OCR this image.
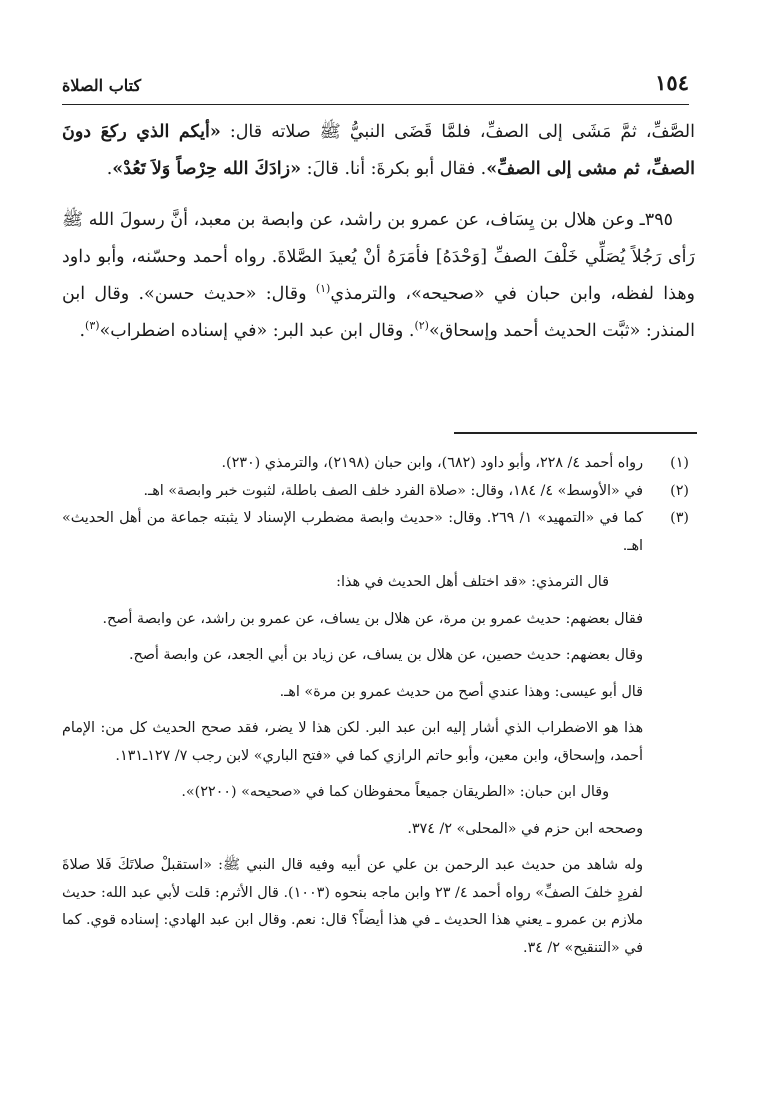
١٥٤
كتاب الصلاة

الصَّفِّ، ثمَّ مَشَى إلى الصفِّ، فلمَّا قَضَى النبيُّ ﷺ صلاته قال: «أيكم الذي ركعَ دونَ الصفِّ، ثم مشى إلى الصفِّ». فقال أبو بكرةَ: أنا. قالَ: «زادَكَ الله حِرْصاً وَلاَ تَعُدْ».

٣٩٥ـ وعن هلال بن يِسَاف، عن عمرو بن راشد، عن وابصة بن معبد، أنَّ رسولَ الله ﷺ رَأى رَجُلاً يُصَلِّي خَلْفَ الصفِّ [وَحْدَهُ] فأمَرَهُ أنْ يُعيدَ الصَّلاةَ. رواه أحمد وحسّنه، وأبو داود وهذا لفظه، وابن حبان في «صحيحه»، والترمذي$^{(١)}$ وقال: «حديث حسن». وقال ابن المنذر: «ثبَّت الحديث أحمد وإسحاق»$^{(٢)}$. وقال ابن عبد البر: «في إسناده اضطراب»$^{(٣)}$.

(١)
رواه أحمد ٤/ ٢٢٨، وأبو داود (٦٨٢)، وابن حبان (٢١٩٨)، والترمذي (٢٣٠).
(٢)
في «الأوسط» ٤/ ١٨٤، وقال: «صلاة الفرد خلف الصف باطلة، لثبوت خبر وابصة» اهـ.
(٣)
كما في «التمهيد» ١/ ٢٦٩. وقال: «حديث وابصة مضطرب الإسناد لا يثبته جماعة من أهل الحديث» اهـ.

قال الترمذي: «قد اختلف أهل الحديث في هذا:

فقال بعضهم: حديث عمرو بن مرة، عن هلال بن يساف، عن عمرو بن راشد، عن وابصة أصح.

وقال بعضهم: حديث حصين، عن هلال بن يساف، عن زياد بن أبي الجعد، عن وابصة أصح.

قال أبو عيسى: وهذا عندي أصح من حديث عمرو بن مرة» اهـ.

هذا هو الاضطراب الذي أشار إليه ابن عبد البر. لكن هذا لا يضر، فقد صحح الحديث كل من: الإمام أحمد، وإسحاق، وابن معين، وأبو حاتم الرازي كما في «فتح الباري» لابن رجب ٧/ ١٢٧ـ١٣١.

وقال ابن حبان: «الطريقان جميعاً محفوظان كما في «صحيحه» (٢٢٠٠)».

وصححه ابن حزم في «المحلى» ٢/ ٣٧٤.

وله شاهد من حديث عبد الرحمن بن علي عن أبيه وفيه قال النبي ﷺ: «استقبلْ صلاتَكَ فَلا صلاةَ لفردٍ خلفَ الصفِّ» رواه أحمد ٤/ ٢٣ وابن ماجه بنحوه (١٠٠٣). قال الأثرم: قلت لأبي عبد الله: حديث ملازم بن عمرو ـ يعني هذا الحديث ـ في هذا أيضاً؟ قال: نعم. وقال ابن عبد الهادي: إسناده قوي. كما في «التنقيح» ٢/ ٣٤.
